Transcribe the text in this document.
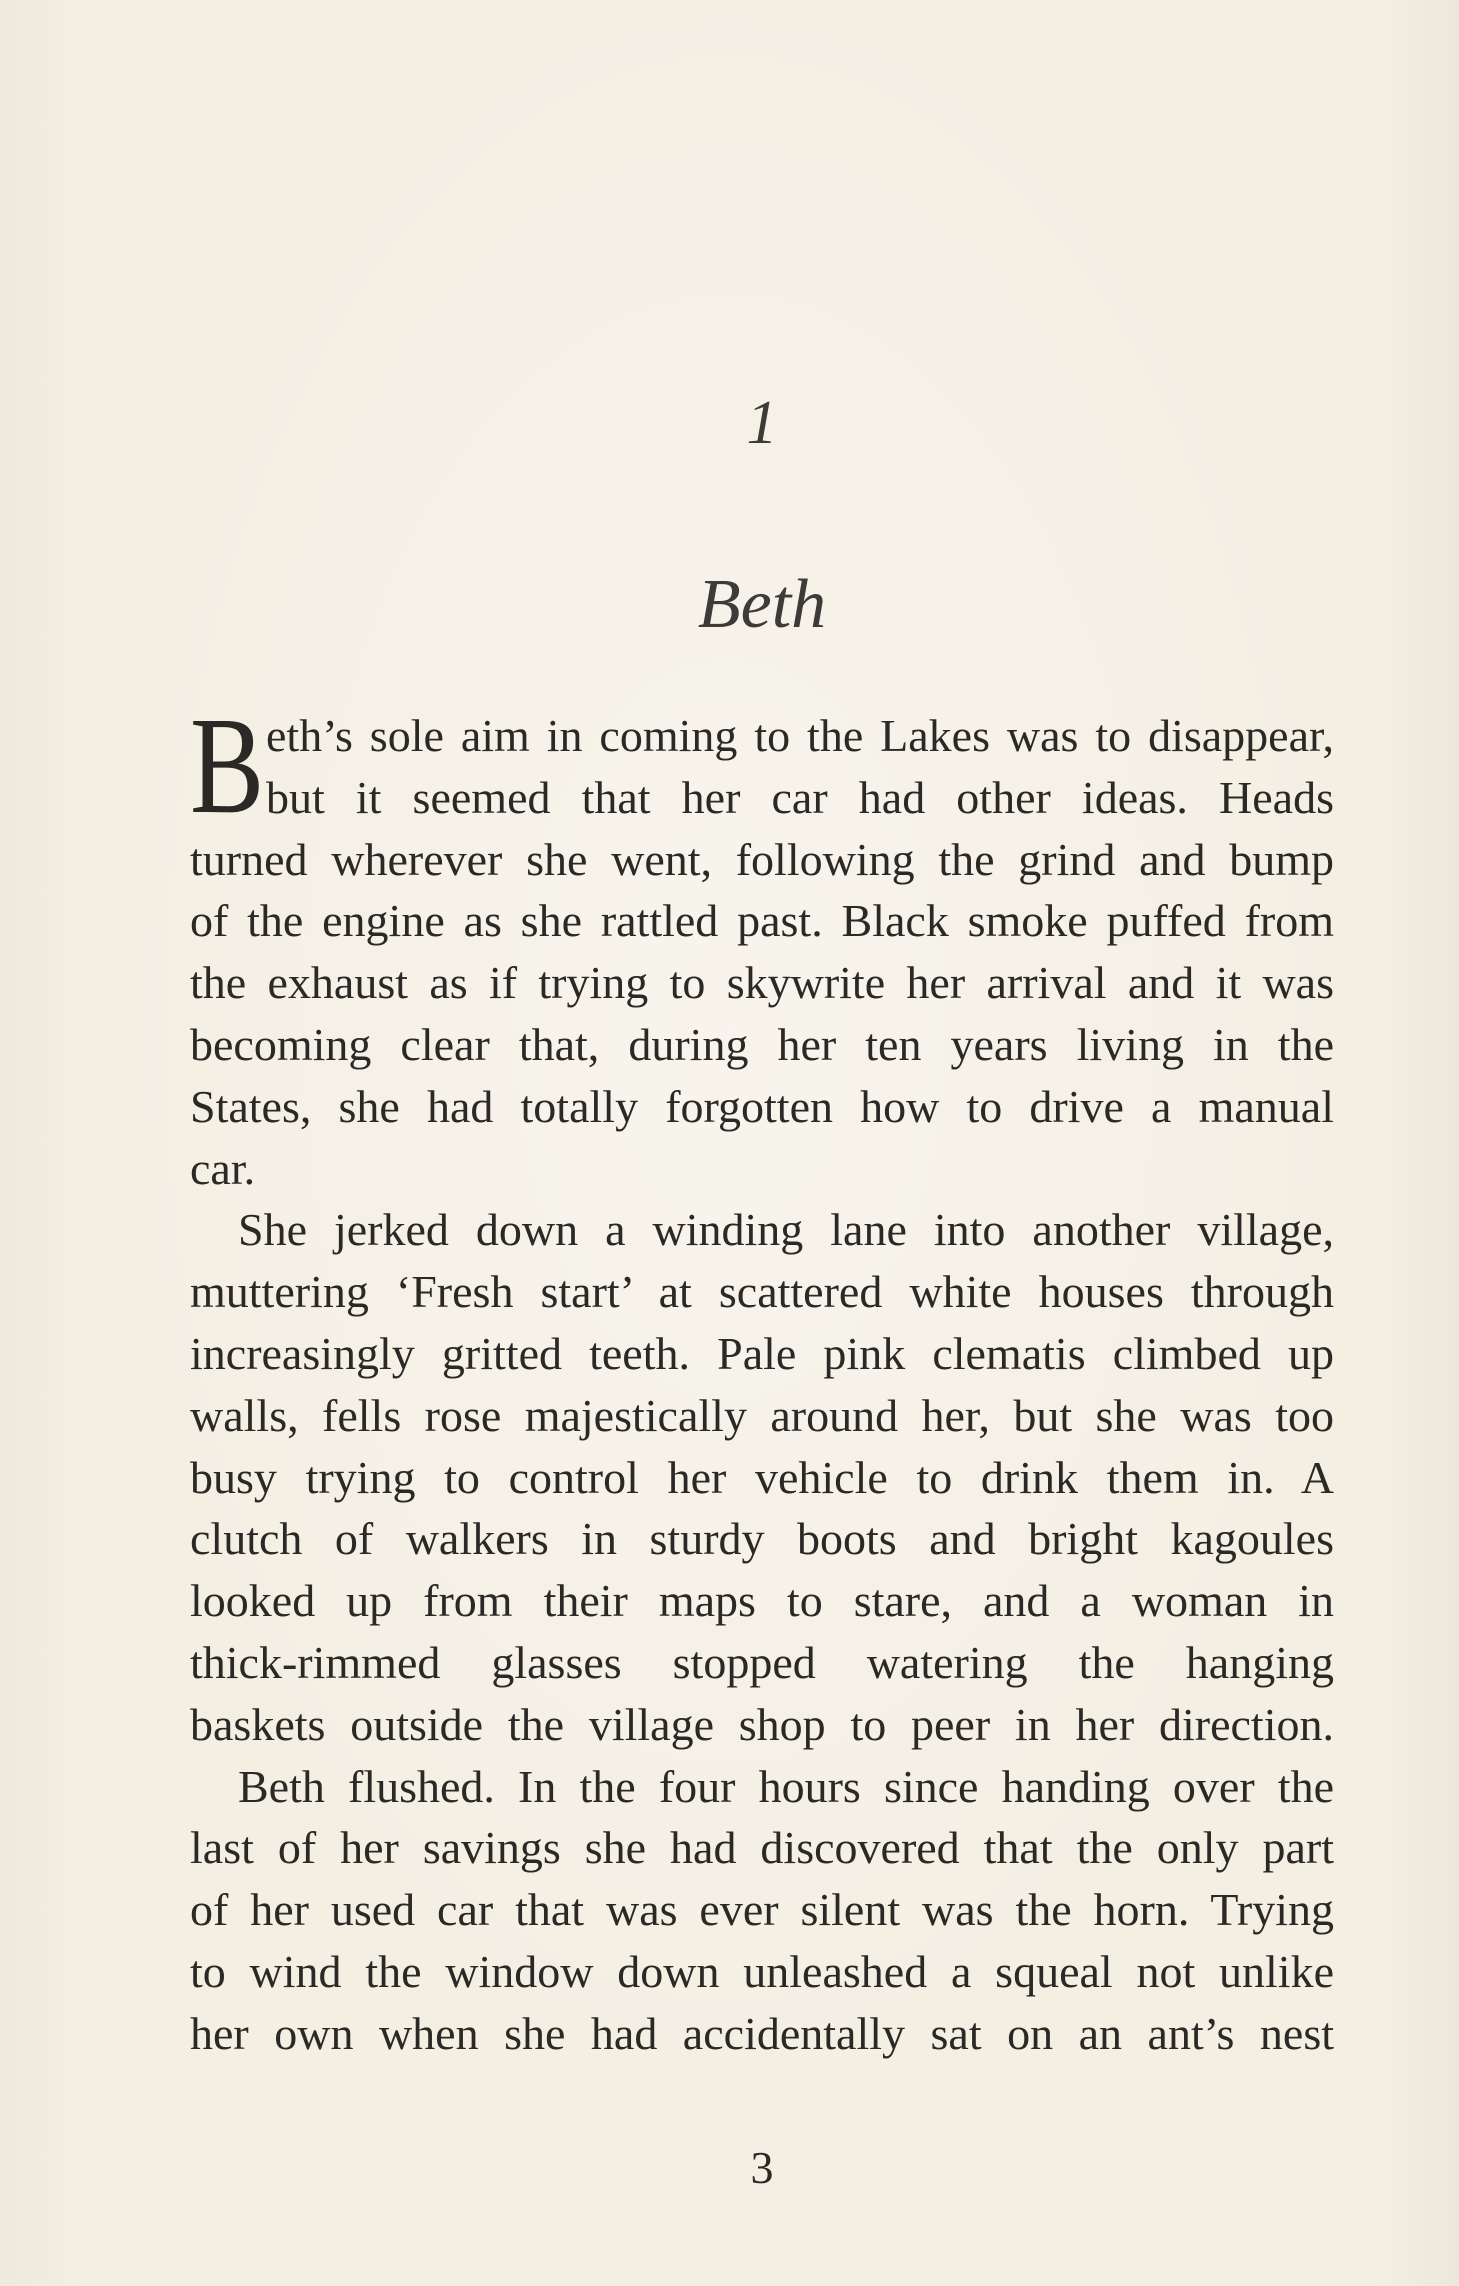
1
Beth
B eth’s sole aim in coming to the Lakes was to disappear,
but it seemed that her car had other ideas. Heads
turned wherever she went, following the grind and bump
of the engine as she rattled past. Black smoke puffed from
the exhaust as if trying to skywrite her arrival and it was
becoming clear that, during her ten years living in the
States, she had totally forgotten how to drive a manual
car.
She jerked down a winding lane into another village,
muttering ‘Fresh start’ at scattered white houses through
increasingly gritted teeth. Pale pink clematis climbed up
walls, fells rose majestically around her, but she was too
busy trying to control her vehicle to drink them in. A
clutch of walkers in sturdy boots and bright kagoules
looked up from their maps to stare, and a woman in
thick-rimmed glasses stopped watering the hanging
baskets outside the village shop to peer in her direction.
Beth flushed. In the four hours since handing over the
last of her savings she had discovered that the only part
of her used car that was ever silent was the horn. Trying
to wind the window down unleashed a squeal not unlike
her own when she had accidentally sat on an ant’s nest
3
